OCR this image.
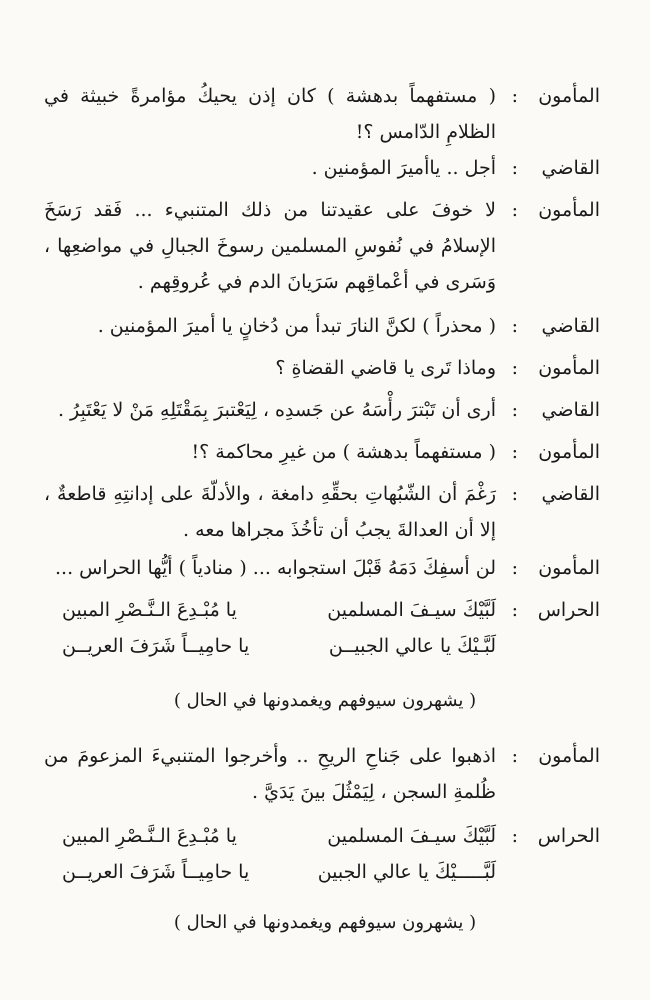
المأمون
:
( مستفهماً بدهشة ) كان إذن يحيكُ مؤامرةً خبيثة في الظلامِ الدّامس ؟!
القاضي
:
أجل .. ياأميرَ المؤمنين .
المأمون
:
لا خوفَ على عقيدتنا من ذلك المتنبيء ... فَقد رَسَخَ الإسلامُ في نُفوسِ المسلمين رسوخَ الجبالِ في مواضعِها ، وَسَرى في أعْماقِهم سَرَيانَ الدم في عُروقِهم .
القاضي
:
( محذراً ) لكنَّ النارَ تبدأ من دُخانٍ يا أميرَ المؤمنين .
المأمون
:
وماذا تَرى يا قاضي القضاةِ ؟
القاضي
:
أرى أن تَبْترَ رأْسَهُ عن جَسدِه ، لِيَعْتبرَ بِمَقْتَلِهِ مَنْ لا يَعْتَبِرُ .
المأمون
:
( مستفهماً بدهشة ) من غيرِ محاكمة ؟!
القاضي
:
رَغْمَ أن الشّبُهاتِ بحقِّهِ دامغة ، والأدلّةَ على إدانتِهِ قاطعةٌ ، إلا أن العدالةَ يجبُ أن تأخُذَ مجراها معه .
المأمون
:
لن أسفِكَ دَمَهُ قَبْلَ استجوابه ... ( منادياً ) أيُّها الحراس ...
الحراس
:
لَبَّيْكَ سيـفَ المسلمين
يا مُبْـدِعَ الـنَّـصْرِ المبين
لَبَّـيْكَ يا عالي الجبيــن
يا حامِيــاً شَرَفَ العريــن
( يشهرون سيوفهم ويغمدونها في الحال )
المأمون
:
اذهبوا على جَناحِ الريحِ .. وأخرجوا المتنبيءَ المزعومَ من ظُلمةِ السجن ، لِيَمْثُلَ بينَ يَدَيَّ .
الحراس
:
لَبَّيْكَ سيـفَ المسلمين
يا مُبْـدِعَ الـنَّـصْرِ المبين
لَبَّـــــيْكَ يا عالي الجبين
يا حامِيــاً شَرَفَ العريــن
( يشهرون سيوفهم ويغمدونها في الحال )
